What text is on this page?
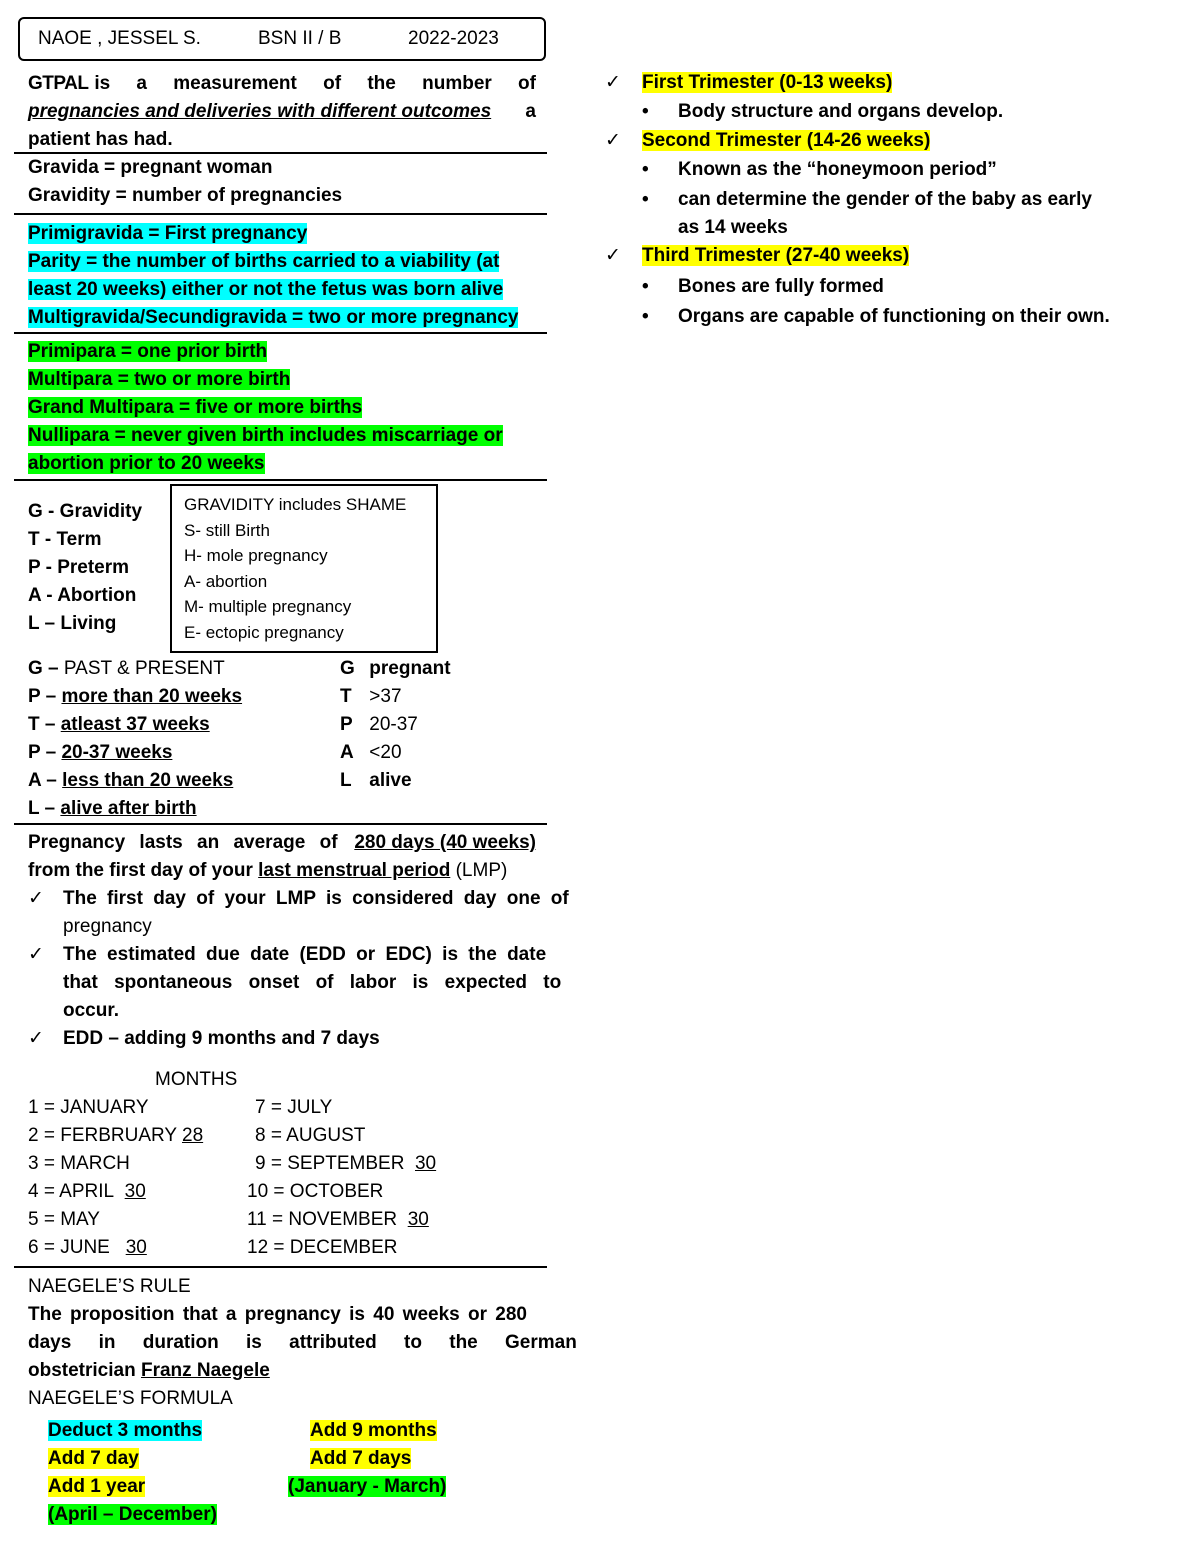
NAOE , JESSEL S.	BSN II / B	2022-2023
GTPAL is a measurement of the number of
pregnancies and deliveries with different outcomes a
patient has had.
Gravida = pregnant woman
Gravidity = number of pregnancies
Primigravida = First pregnancy
Parity = the number of births carried to a viability (at
least 20 weeks) either or not the fetus was born alive
Multigravida/Secundigravida = two or more pregnancy
Primipara = one prior birth
Multipara = two or more birth
Grand Multipara = five or more births
Nullipara = never given birth includes miscarriage or
abortion prior to 20 weeks
G - Gravidity
T - Term
P - Preterm
A - Abortion
L – Living
GRAVIDITY includes SHAME
S- still Birth
H- mole pregnancy
A- abortion
M- multiple pregnancy
E- ectopic pregnancy
G – PAST & PRESENT
P – more than 20 weeks
T – atleast 37 weeks
P – 20-37 weeks
A – less than 20 weeks
L – alive after birth
G pregnant
T >37
P 20-37
A <20
L alive
Pregnancy lasts an average of 280 days (40 weeks)
from the first day of your last menstrual period (LMP)
✓ The first day of your LMP is considered day one of
pregnancy
✓ The estimated due date (EDD or EDC) is the date
that spontaneous onset of labor is expected to
occur.
✓ EDD – adding 9 months and 7 days
MONTHS
1 = JANUARY
2 = FERBRUARY 28
3 = MARCH
4 = APRIL 30
5 = MAY
6 = JUNE 30
7 = JULY
8 = AUGUST
9 = SEPTEMBER 30
10 = OCTOBER
11 = NOVEMBER 30
12 = DECEMBER
NAEGELE’S RULE
The proposition that a pregnancy is 40 weeks or 280
days in duration is attributed to the German
obstetrician Franz Naegele
NAEGELE’S FORMULA
Deduct 3 months
Add 7 day
Add 1 year
(April – December)
Add 9 months
Add 7 days
(January - March)
✓ First Trimester (0-13 weeks)
• Body structure and organs develop.
✓ Second Trimester (14-26 weeks)
• Known as the “honeymoon period”
• can determine the gender of the baby as early
as 14 weeks
✓ Third Trimester (27-40 weeks)
• Bones are fully formed
• Organs are capable of functioning on their own.
